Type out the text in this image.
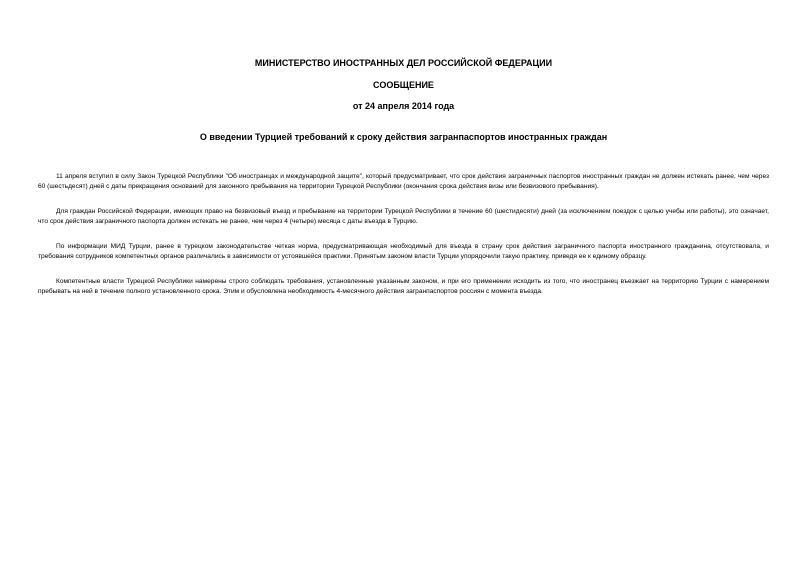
МИНИСТЕРСТВО ИНОСТРАННЫХ ДЕЛ РОССИЙСКОЙ ФЕДЕРАЦИИ

СООБЩЕНИЕ

от 24 апреля 2014 года

О введении Турцией требований к сроку действия загранпаспортов иностранных граждан

11 апреля вступил в силу Закон Турецкой Республики "Об иностранцах и международной защите", который предусматривает, что срок действия заграничных паспортов иностранных граждан не должен истекать ранее, чем через 60 (шестьдесят) дней с даты прекращения оснований для законного пребывания на территории Турецкой Республики (окончания срока действия визы или безвизового пребывания).

Для граждан Российской Федерации, имеющих право на безвизовый въезд и пребывание на территории Турецкой Республики в течение 60 (шестидесяти) дней (за исключением поездок с целью учебы или работы), это означает, что срок действия заграничного паспорта должен истекать не ранее, чем через 4 (четыре) месяца с даты въезда в Турцию.

По информации МИД Турции, ранее в турецком законодательстве четкая норма, предусматривающая необходимый для въезда в страну срок действия заграничного паспорта иностранного гражданина, отсутствовала, и требования сотрудников компетентных органов различались в зависимости от устоявшейся практики. Принятым законом власти Турции упорядочили такую практику, приведя ее к единому образцу.

Компетентные власти Турецкой Республики намерены строго соблюдать требования, установленные указанным законом, и при его применении исходить из того, что иностранец въезжает на территорию Турции с намерением пребывать на ней в течение полного установленного срока. Этим и обусловлена необходимость 4-месячного действия загранпаспортов россиян с момента въезда.
